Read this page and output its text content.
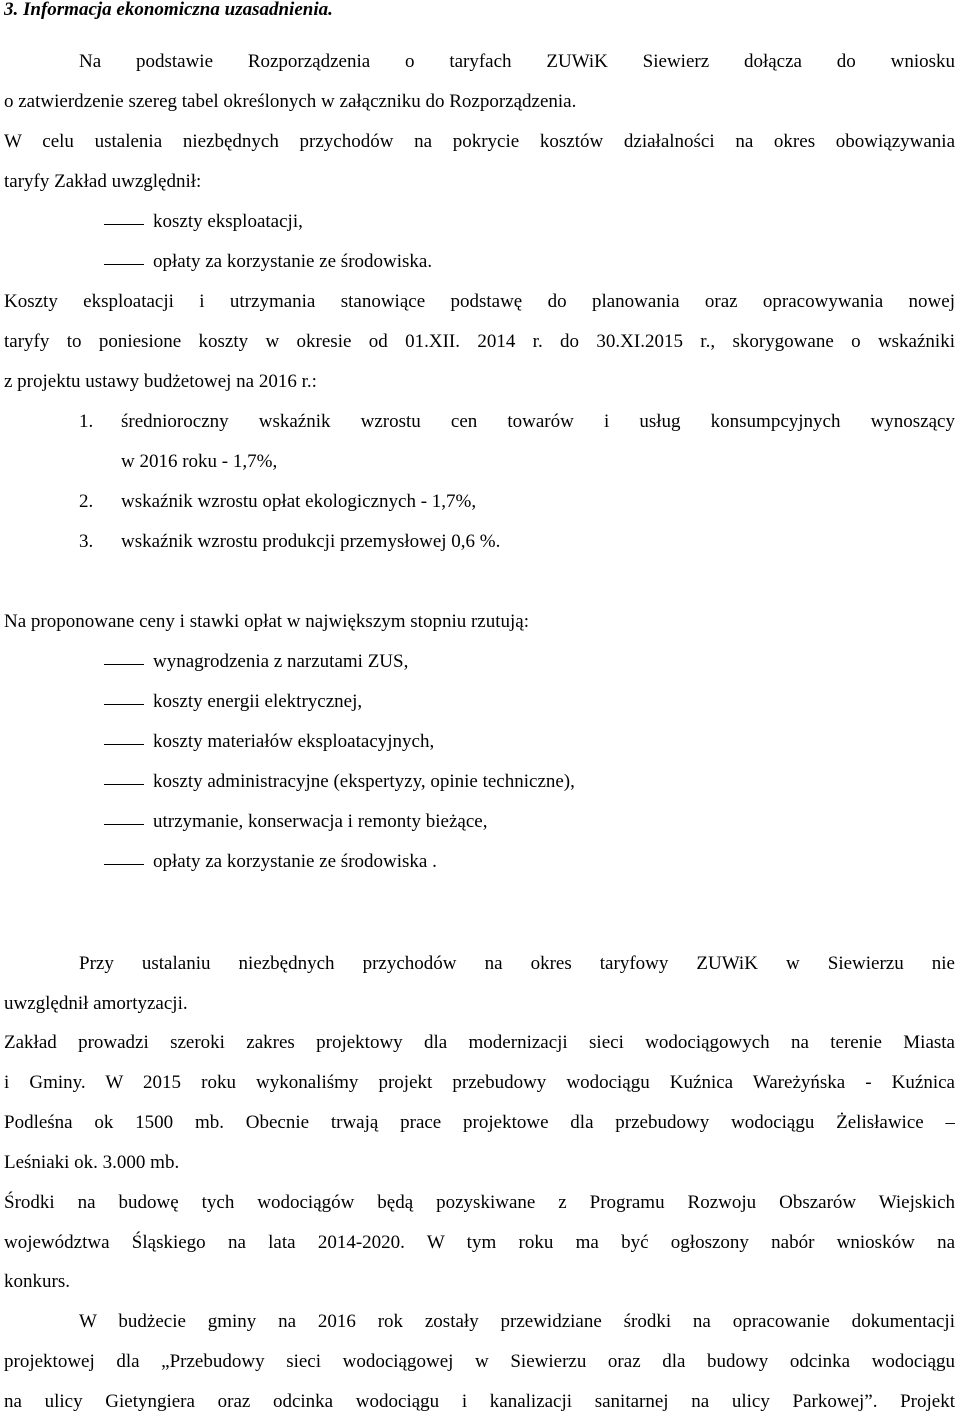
3. Informacja ekonomiczna uzasadnienia.
Na podstawie Rozporządzenia o taryfach ZUWiK Siewierz dołącza do wniosku
o zatwierdzenie szereg tabel określonych w załączniku do Rozporządzenia.
W celu ustalenia niezbędnych przychodów na pokrycie kosztów działalności na okres obowiązywania
taryfy Zakład uwzględnił:
koszty eksploatacji,
opłaty za korzystanie ze środowiska.
Koszty eksploatacji i utrzymania stanowiące podstawę do planowania oraz opracowywania nowej
taryfy to poniesione koszty w okresie od 01.XII. 2014 r. do 30.XI.2015 r., skorygowane o wskaźniki
z projektu ustawy budżetowej na 2016 r.:
1. średnioroczny wskaźnik wzrostu cen towarów i usług konsumpcyjnych wynoszący
w 2016 roku - 1,7%,
2. wskaźnik wzrostu opłat ekologicznych - 1,7%,
3. wskaźnik wzrostu produkcji przemysłowej 0,6 %.
Na proponowane ceny i stawki opłat w największym stopniu rzutują:
wynagrodzenia z narzutami ZUS,
koszty energii elektrycznej,
koszty materiałów eksploatacyjnych,
koszty administracyjne (ekspertyzy, opinie techniczne),
utrzymanie, konserwacja i remonty bieżące,
opłaty za korzystanie ze środowiska .
Przy ustalaniu niezbędnych przychodów na okres taryfowy ZUWiK w Siewierzu nie
uwzględnił amortyzacji.
Zakład prowadzi szeroki zakres projektowy dla modernizacji sieci wodociągowych na terenie Miasta
i Gminy. W 2015 roku wykonaliśmy projekt przebudowy wodociągu Kuźnica Wareżyńska - Kuźnica
Podleśna ok 1500 mb. Obecnie trwają prace projektowe dla przebudowy wodociągu Żelisławice –
Leśniaki ok. 3.000 mb.
Środki na budowę tych wodociągów będą pozyskiwane z Programu Rozwoju Obszarów Wiejskich
województwa Śląskiego na lata 2014-2020. W tym roku ma być ogłoszony nabór wniosków na
konkurs.
W budżecie gminy na 2016 rok zostały przewidziane środki na opracowanie dokumentacji
projektowej dla „Przebudowy sieci wodociągowej w Siewierzu oraz dla budowy odcinka wodociągu
na ulicy Gietyngiera oraz odcinka wodociągu i kanalizacji sanitarnej na ulicy Parkowej”. Projekt
